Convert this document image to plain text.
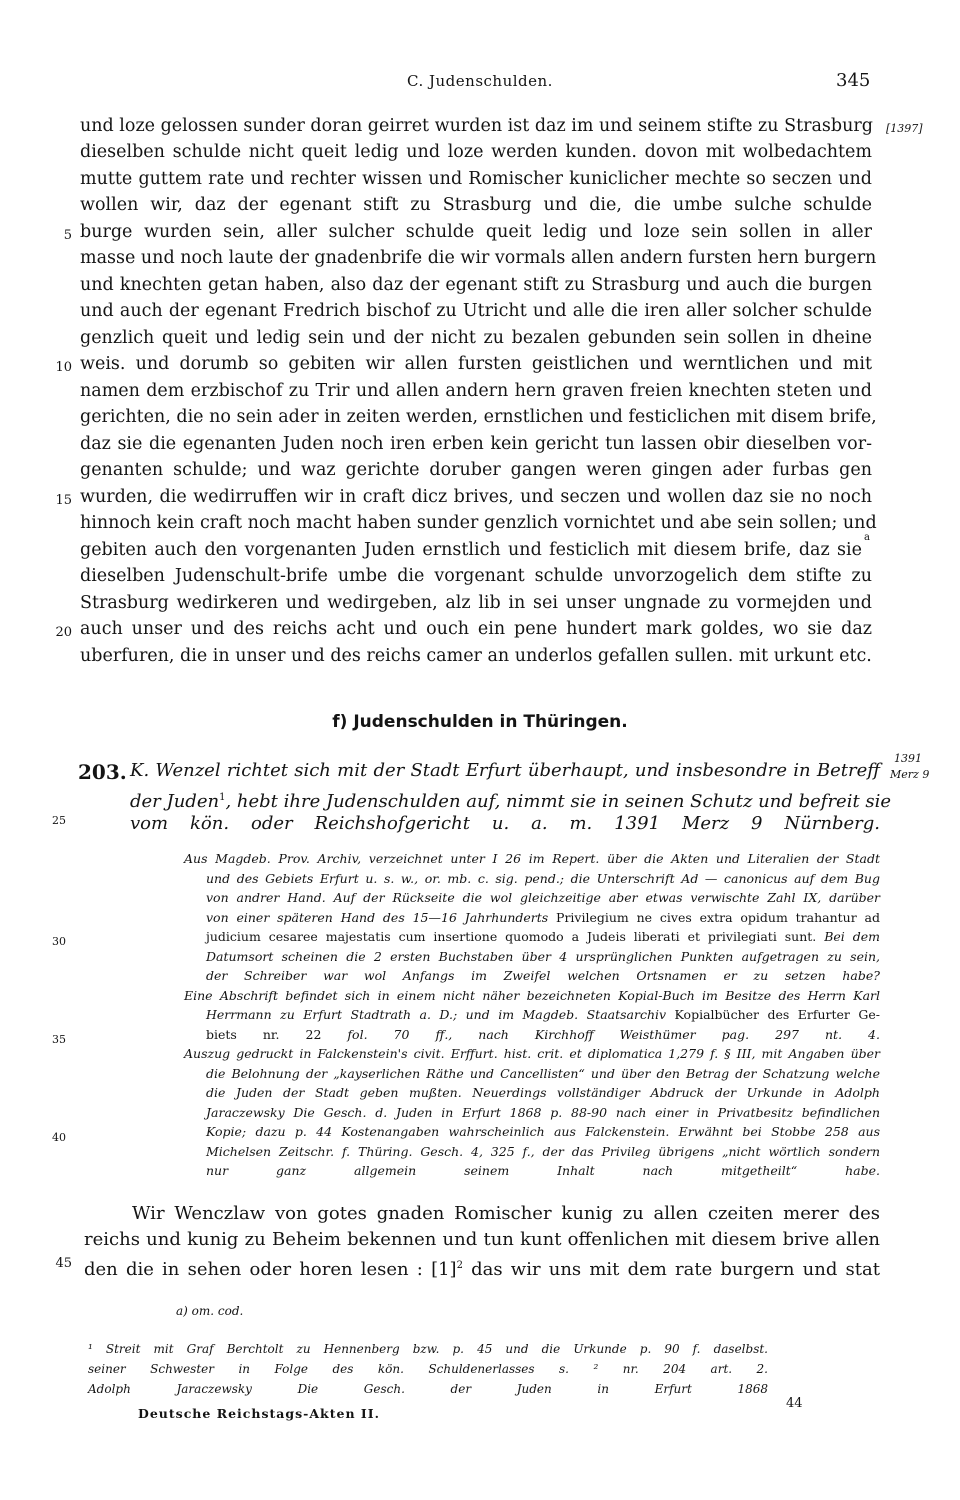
C. Judenschulden.	345
[1397]
und loze gelossen sunder doran geirret wurden ist daz im und seinem stifte zu Strasburg
dieselben schulde nicht queit ledig und loze werden kunden. dovon mit wolbedachtem
mutte guttem rate und rechter wissen und Romischer kuniclicher mechte so seczen und
wollen wir, daz der egenant stift zu Strasburg und die, die umbe sulche schulde
burge wurden sein, aller sulcher schulde queit ledig und loze sein sollen in aller
masse und noch laute der gnadenbrife die wir vormals allen andern fursten hern burgern
und knechten getan haben, also daz der egenant stift zu Strasburg und auch die burgen
und auch der egenant Fredrich bischof zu Utricht und alle die iren aller solcher schulde
genzlich queit und ledig sein und der nicht zu bezalen gebunden sein sollen in dheine
weis. und dorumb so gebiten wir allen fursten geistlichen und werntlichen und mit
namen dem erzbischof zu Trir und allen andern hern graven freien knechten steten und
gerichten, die no sein ader in zeiten werden, ernstlichen und festiclichen mit disem brife,
daz sie die egenanten Juden noch iren erben kein gericht tun lassen obir dieselben vor-
genanten schulde; und waz gerichte doruber gangen weren gingen ader furbas gen
wurden, die wedirruffen wir in craft dicz brives, und seczen und wollen daz sie no noch
hinnoch kein craft noch macht haben sunder genzlich vornichtet und abe sein sollen; und
gebiten auch den vorgenanten Juden ernstlich und festiclich mit diesem brife, daz sie
a
dieselben Judenschult-brife umbe die vorgenant schulde unvorzogelich dem stifte zu
Strasburg wedirkeren und wedirgeben, alz lib in sei unser ungnade zu vormejden und
auch unser und des reichs acht und ouch ein pene hundert mark goldes, wo sie daz
uberfuren, die in unser und des reichs camer an underlos gefallen sullen. mit urkunt etc.
5
10
15
20
25
30
35
40
45
f) Judenschulden in Thüringen.
203. K. Wenzel richtet sich mit der Stadt Erfurt überhaupt, und insbesondre in Betreff
der Juden$^1$, hebt ihre Judenschulden auf, nimmt sie in seinen Schutz und befreit sie
vom kön. oder Reichshofgericht u. a. m. 1391 Merz 9 Nürnberg.
1391
Merz 9
Aus Magdeb. Prov. Archiv, verzeichnet unter I 26 im Repert. über die Akten und Literalien der Stadt
und des Gebiets Erfurt u. s. w., or. mb. c. sig. pend.; die Unterschrift Ad — canonicus auf dem Bug
von andrer Hand. Auf der Rückseite die wol gleichzeitige aber etwas verwischte Zahl IX, darüber
von einer späteren Hand des 15—16 Jahrhunderts Privilegium ne cives extra opidum trahantur ad
judicium cesaree majestatis cum insertione quomodo a Judeis liberati et privilegiati sunt. Bei dem
Datumsort scheinen die 2 ersten Buchstaben über 4 ursprünglichen Punkten aufgetragen zu sein,
der Schreiber war wol Anfangs im Zweifel welchen Ortsnamen er zu setzen habe?
Eine Abschrift befindet sich in einem nicht näher bezeichneten Kopial-Buch im Besitze des Herrn Karl
Herrmann zu Erfurt Stadtrath a. D.; und im Magdeb. Staatsarchiv Kopialbücher des Erfurter Ge-
biets nr. 22 fol. 70 ff., nach Kirchhoff Weisthümer pag. 297 nt. 4.
Auszug gedruckt in Falckenstein's civit. Erffurt. hist. crit. et diplomatica 1,279 f. § III, mit Angaben über
die Belohnung der „kayserlichen Räthe und Cancellisten“ und über den Betrag der Schatzung welche
die Juden der Stadt geben mußten. Neuerdings vollständiger Abdruck der Urkunde in Adolph
Jaraczewsky Die Gesch. d. Juden in Erfurt 1868 p. 88-90 nach einer in Privatbesitz befindlichen
Kopie; dazu p. 44 Kostenangaben wahrscheinlich aus Falckenstein. Erwähnt bei Stobbe 258 aus
Michelsen Zeitschr. f. Thüring. Gesch. 4, 325 f., der das Privileg übrigens „nicht wörtlich sondern
nur ganz allgemein seinem Inhalt nach mitgetheilt“ habe.
Wir Wenczlaw von gotes gnaden Romischer kunig zu allen czeiten merer des
reichs und kunig zu Beheim bekennen und tun kunt offenlichen mit diesem brive allen
den die in sehen oder horen lesen : $[1]^2$ das wir uns mit dem rate burgern und stat
a) om. cod.
¹ Streit mit Graf Berchtolt zu Hennenberg bzw. p. 45 und die Urkunde p. 90 f. daselbst.
seiner Schwester in Folge des kön. Schuldenerlasses s. ² nr. 204 art. 2.
Adolph Jaraczewsky Die Gesch. der Juden in Erfurt 1868
Deutsche Reichstags-Akten II.
44
